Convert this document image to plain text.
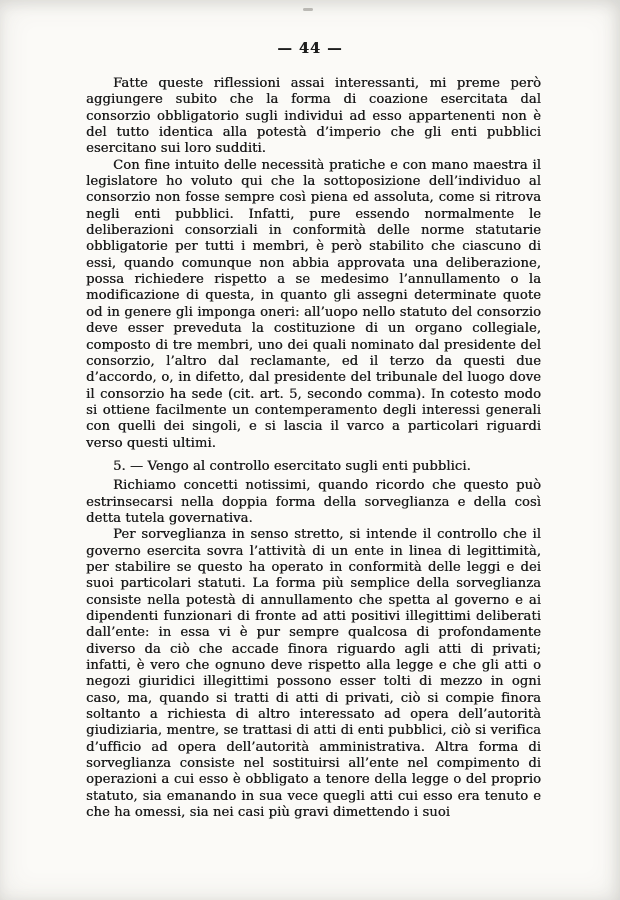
— 44 —

Fatte queste riflessioni assai interessanti, mi preme però aggiungere subito che la forma di coazione esercitata dal consorzio obbligatorio sugli individui ad esso appartenenti non è del tutto identica alla potestà d’imperio che gli enti pubblici esercitano sui loro sudditi.

Con fine intuito delle necessità pratiche e con mano maestra il legislatore ho voluto qui che la sottoposizione dell’individuo al consorzio non fosse sempre così piena ed assoluta, come si ritrova negli enti pubblici. Infatti, pure essendo normalmente le deliberazioni consorziali in conformità delle norme statutarie obbligatorie per tutti i membri, è però stabilito che ciascuno di essi, quando comunque non abbia approvata una deliberazione, possa richiedere rispetto a se medesimo l’annullamento o la modificazione di questa, in quanto gli assegni determinate quote od in genere gli imponga oneri: all’uopo nello statuto del consorzio deve esser preveduta la costituzione di un organo collegiale, composto di tre membri, uno dei quali nominato dal presidente del consorzio, l’altro dal reclamante, ed il terzo da questi due d’accordo, o, in difetto, dal presidente del tribunale del luogo dove il consorzio ha sede (cit. art. 5, secondo comma). In cotesto modo si ottiene facilmente un contemperamento degli interessi generali con quelli dei singoli, e si lascia il varco a particolari riguardi verso questi ultimi.

5. — Vengo al controllo esercitato sugli enti pubblici.

Richiamo concetti notissimi, quando ricordo che questo può estrinsecarsi nella doppia forma della sorveglianza e della così detta tutela governativa.

Per sorveglianza in senso stretto, si intende il controllo che il governo esercita sovra l’attività di un ente in linea di legittimità, per stabilire se questo ha operato in conformità delle leggi e dei suoi particolari statuti. La forma più semplice della sorveglianza consiste nella potestà di annullamento che spetta al governo e ai dipendenti funzionari di fronte ad atti positivi illegittimi deliberati dall’ente: in essa vi è pur sempre qualcosa di profondamente diverso da ciò che accade finora riguardo agli atti di privati; infatti, è vero che ognuno deve rispetto alla legge e che gli atti o negozi giuridici illegittimi possono esser tolti di mezzo in ogni caso, ma, quando si tratti di atti di privati, ciò si compie finora soltanto a richiesta di altro interessato ad opera dell’autorità giudiziaria, mentre, se trattasi di atti di enti pubblici, ciò si verifica d’ufficio ad opera dell’autorità amministrativa. Altra forma di sorveglianza consiste nel sostituirsi all’ente nel compimento di operazioni a cui esso è obbligato a tenore della legge o del proprio statuto, sia emanando in sua vece quegli atti cui esso era tenuto e che ha omessi, sia nei casi più gravi dimettendo i suoi
